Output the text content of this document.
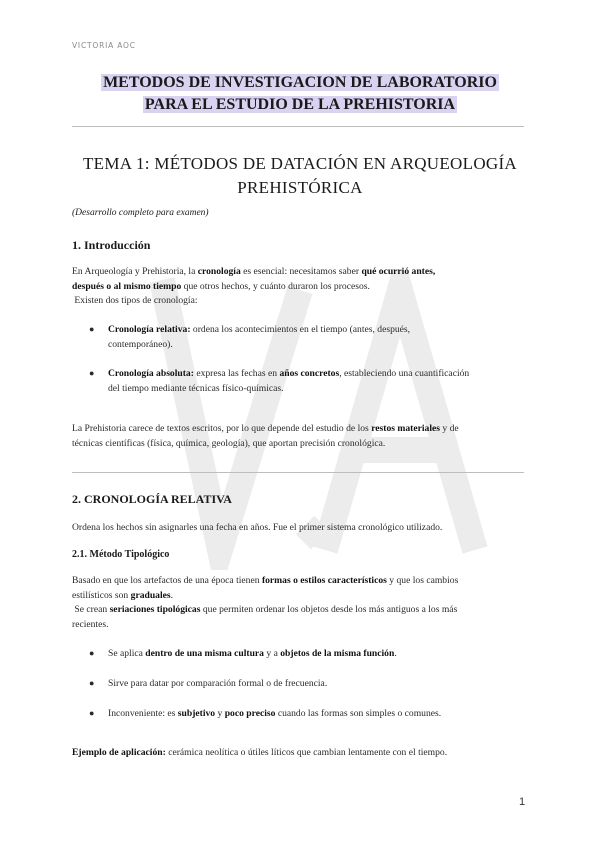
VICTORIA AOC
METODOS DE INVESTIGACION DE LABORATORIO
PARA EL ESTUDIO DE LA PREHISTORIA
TEMA 1: MÉTODOS DE DATACIÓN EN ARQUEOLOGÍA
PREHISTÓRICA
(Desarrollo completo para examen)
1. Introducción
En Arqueología y Prehistoria, la cronología es esencial: necesitamos saber qué ocurrió antes,
después o al mismo tiempo que otros hechos, y cuánto duraron los procesos.
Existen dos tipos de cronología:
● Cronología relativa: ordena los acontecimientos en el tiempo (antes, después,
contemporáneo).
● Cronología absoluta: expresa las fechas en años concretos, estableciendo una cuantificación
del tiempo mediante técnicas físico-químicas.
La Prehistoria carece de textos escritos, por lo que depende del estudio de los restos materiales y de
técnicas científicas (física, química, geología), que aportan precisión cronológica.
2. CRONOLOGÍA RELATIVA
Ordena los hechos sin asignarles una fecha en años. Fue el primer sistema cronológico utilizado.
2.1. Método Tipológico
Basado en que los artefactos de una época tienen formas o estilos característicos y que los cambios
estilísticos son graduales.
Se crean seriaciones tipológicas que permiten ordenar los objetos desde los más antiguos a los más
recientes.
● Se aplica dentro de una misma cultura y a objetos de la misma función.
● Sirve para datar por comparación formal o de frecuencia.
● Inconveniente: es subjetivo y poco preciso cuando las formas son simples o comunes.
Ejemplo de aplicación: cerámica neolítica o útiles líticos que cambian lentamente con el tiempo.
1
